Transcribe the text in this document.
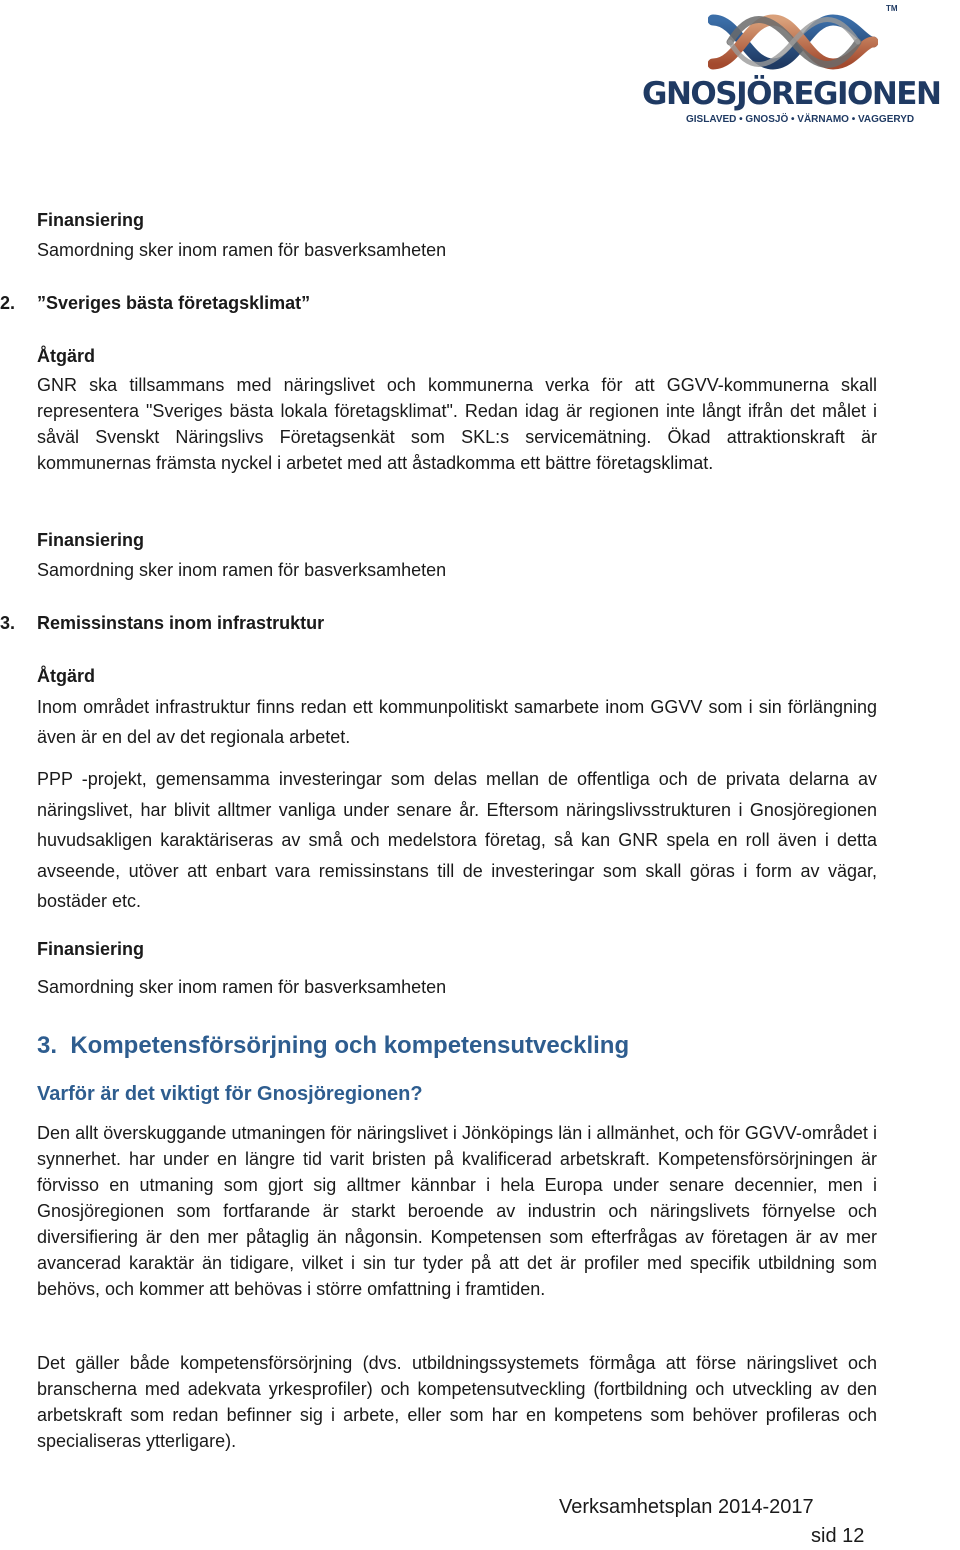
TM
GNOSJÖREGIONEN
GISLAVED • GNOSJÖ • VÄRNAMO • VAGGERYD
Finansiering
Samordning sker inom ramen för basverksamheten
2. ”Sveriges bästa företagsklimat”
Åtgärd
GNR ska tillsammans med näringslivet och kommunerna verka för att GGVV-kommunerna skall representera "Sveriges bästa lokala företagsklimat". Redan idag är regionen inte långt ifrån det målet i såväl Svenskt Näringslivs Företagsenkät som SKL:s servicemätning. Ökad attraktionskraft är kommunernas främsta nyckel i arbetet med att åstadkomma ett bättre företagsklimat.
Finansiering
Samordning sker inom ramen för basverksamheten
3. Remissinstans inom infrastruktur
Åtgärd
Inom området infrastruktur finns redan ett kommunpolitiskt samarbete inom GGVV som i sin förlängning även är en del av det regionala arbetet.
PPP -projekt, gemensamma investeringar som delas mellan de offentliga och de privata delarna av näringslivet, har blivit alltmer vanliga under senare år. Eftersom näringslivsstrukturen i Gnosjöregionen huvudsakligen karaktäriseras av små och medelstora företag, så kan GNR spela en roll även i detta avseende, utöver att enbart vara remissinstans till de investeringar som skall göras i form av vägar, bostäder etc.
Finansiering
Samordning sker inom ramen för basverksamheten
3.  Kompetensförsörjning och kompetensutveckling
Varför är det viktigt för Gnosjöregionen?
Den allt överskuggande utmaningen för näringslivet i Jönköpings län i allmänhet, och för GGVV-området i synnerhet. har under en längre tid varit bristen på kvalificerad arbetskraft. Kompetensförsörjningen är förvisso en utmaning som gjort sig alltmer kännbar i hela Europa under senare decennier, men i Gnosjöregionen som fortfarande är starkt beroende av industrin och näringslivets förnyelse och diversifiering är den mer påtaglig än någonsin. Kompetensen som efterfrågas av företagen är av mer avancerad karaktär än tidigare, vilket i sin tur tyder på att det är profiler med specifik utbildning som behövs, och kommer att behövas i större omfattning i framtiden.
Det gäller både kompetensförsörjning (dvs. utbildningssystemets förmåga att förse näringslivet och branscherna med adekvata yrkesprofiler) och kompetensutveckling (fortbildning och utveckling av den arbetskraft som redan befinner sig i arbete, eller som har en kompetens som behöver profileras och specialiseras ytterligare).
Verksamhetsplan 2014-2017
sid 12
